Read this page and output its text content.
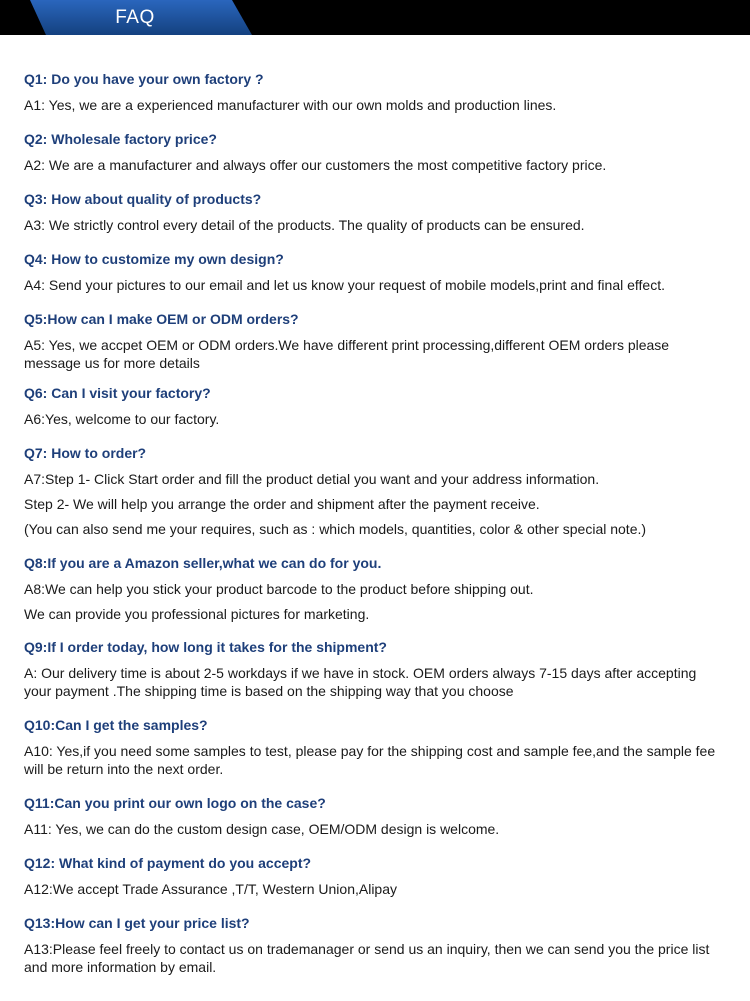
FAQ
Q1: Do you have your own factory ?
A1: Yes, we are a experienced manufacturer with our own molds and production lines.
Q2: Wholesale factory price?
A2: We are a manufacturer and always offer our customers the most competitive factory price.
Q3: How about quality of products?
A3: We strictly control every detail of the products. The quality of products can be ensured.
Q4: How to customize my own design?
A4: Send your pictures to our email and let us know your request of mobile models,print and final effect.
Q5:How can I make OEM or ODM orders?
A5: Yes, we accpet OEM or ODM orders.We have different print processing,different OEM orders please message us for more details
Q6: Can I visit your factory?
A6:Yes, welcome to our factory.
Q7: How to order?
A7:Step 1- Click Start order and fill the product detial you want and your address information.
Step 2- We will help you arrange the order and shipment after the payment receive.
(You can also send me your requires, such as : which models, quantities, color & other special note.)
Q8:If you are a Amazon seller,what we can do for you.
A8:We can help you stick your product barcode to the product before shipping out.
We can provide you professional pictures for marketing.
Q9:If I order today, how long it takes for the shipment?
A: Our delivery time is about 2-5 workdays if we have in stock. OEM orders always 7-15 days after accepting your payment .The shipping time is based on the shipping way that you choose
Q10:Can I get the samples?
A10: Yes,if you need some samples to test, please pay for the shipping cost and sample fee,and the sample fee will be return into the next order.
Q11:Can you print our own logo on the case?
A11: Yes, we can do the custom design case, OEM/ODM design is welcome.
Q12: What kind of payment do you accept?
A12:We accept Trade Assurance ,T/T, Western Union,Alipay
Q13:How can I get your price list?
A13:Please feel freely to contact us on trademanager or send us an inquiry, then we can send you the price list and more information by email.
